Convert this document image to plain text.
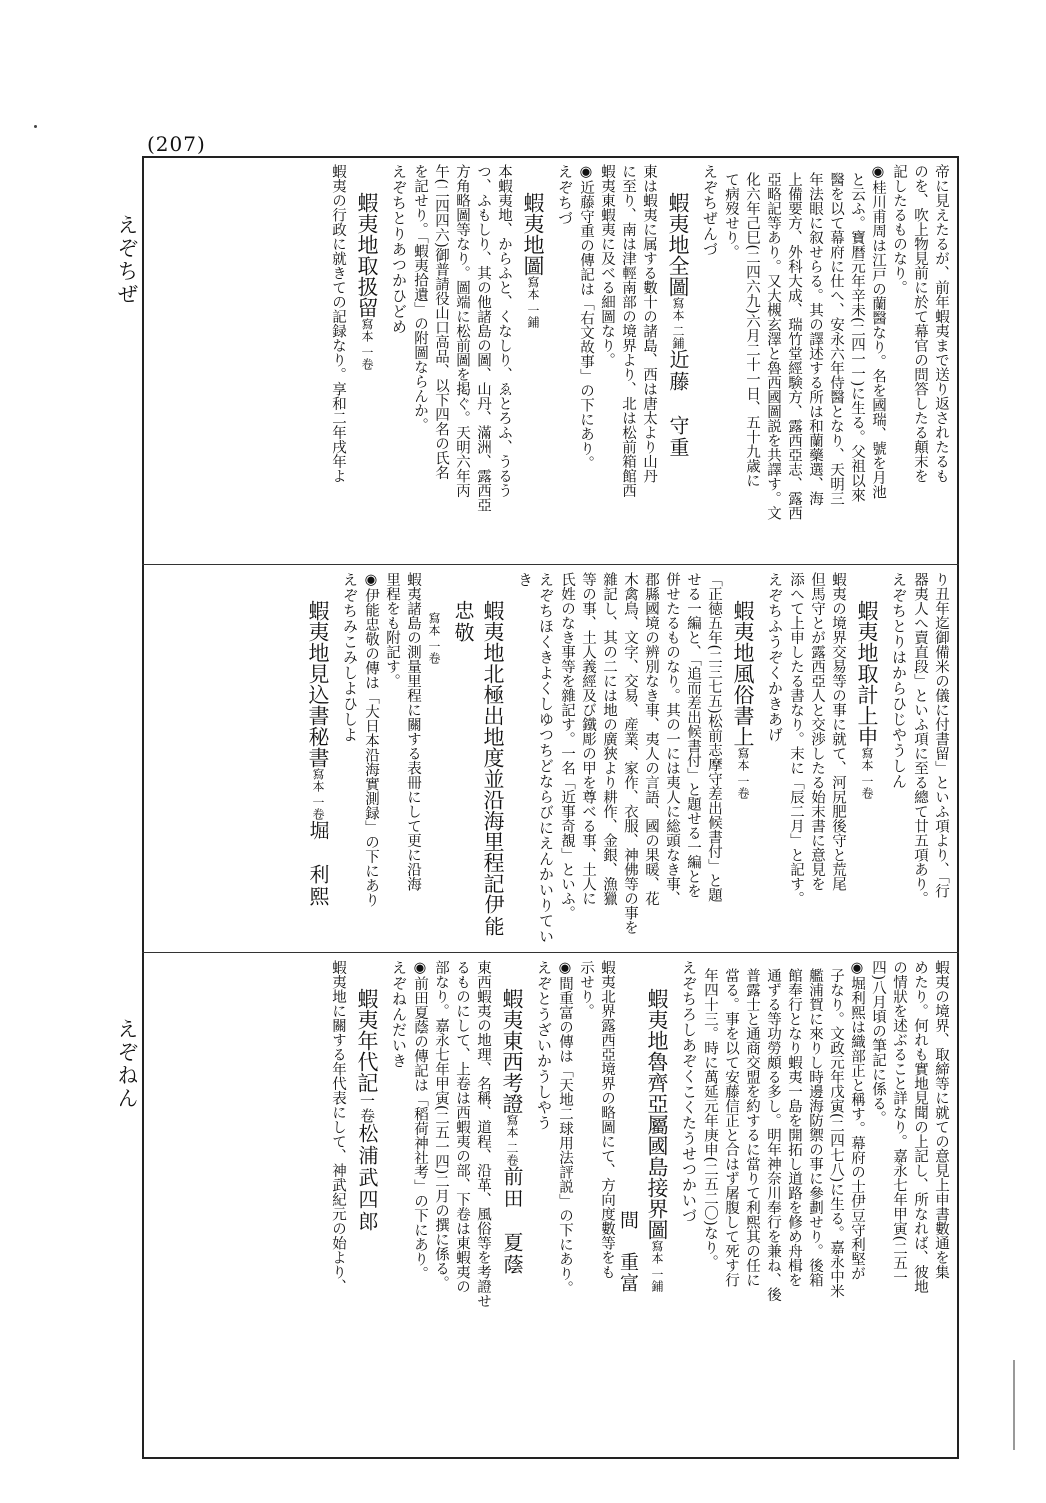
(207)
えぞちぜ
えぞねん

帝に見えたるが、前年蝦夷まで送り返されたるも

のを、吹上物見前に於て幕官の問答したる顛末を

記したるものなり。

◉桂川甫周は江戸の蘭醫なり。名を國瑞、號を月池

と云ふ。寶暦元年辛未(二四一一)に生る。父祖以來

醫を以て幕府に仕へ、安永六年侍醫となり、天明三

年法眼に叙せらる。其の譯述する所は和蘭藥選、海

上備要方、外科大成、瑞竹堂經験方、露西亞志、露西

亞略記等あり。又大槻玄澤と魯西國圖説を共譯す。文

化六年己巳(二四六九)六月二十一日、五十九歳に

て病歿せり。

えぞちぜんづ

蝦夷地全圖寫本 二鋪近藤　守重

東は蝦夷に属する數十の諸島、西は唐太より山丹

に至り、南は津輕南部の境界より、北は松前箱館西

蝦夷東蝦夷に及べる細圖なり。

◉近藤守重の傳記は「右文故事」の下にあり。

えぞちづ

蝦夷地圖寫本 一鋪

本蝦夷地、からふと、くなしり、ゑとろふ、うるう

つ、ふもしり、其の他諸島の圖、山丹、滿洲、露西亞

方角略圖等なり。圖端に松前圖を掲ぐ。天明六年丙

午(二四四六)御普請役山口高品、以下四名の氏名

を記せり。「蝦夷拾遺」の附圖ならんか。

えぞちとりあつかひどめ

蝦夷地取扱留寫本 一卷

蝦夷の行政に就きての記録なり。享和二年戌年よ

り丑年迄御備米の儀に付書留」といふ項より、「行

器夷人へ賣直段」といふ項に至る總て廿五項あり。

えぞちとりはからひじやうしん

蝦夷地取計上申寫本 一卷

蝦夷の境界交易等の事に就て、河尻肥後守と荒尾

但馬守とが露西亞人と交渉したる始末書に意見を

添へて上申したる書なり。末に「辰二月」と記す。

えぞちふうぞくかきあげ

蝦夷地風俗書上寫本 一卷

「正徳五年(二三七五)松前志摩守差出候書付」と題

せる一編と、「追而差出候書付」と題せる一編とを

併せたるものなり。其の一には夷人に総頭なき事、

郡縣國境の辨別なき事、夷人の言語、國の果暖、花

木禽鳥、文字、交易、産業、家作、衣服、神佛等の事を

雜記し、其の二には地の廣狹より耕作、金銀、漁獵

等の事、土人義經及び鐵彫の甲を尊べる事、土人に

氏姓のなき事等を雜記す。一名「近事奇覩」といふ。

えぞちほくきよくしゆつちどならびにえんかいりていき

蝦夷地北極出地度並沿海里程記伊能　忠敬

寫本 一卷

蝦夷諸島の測量里程に關する表冊にして更に沿海

里程をも附記す。

◉伊能忠敬の傳は「大日本沿海實測録」の下にあり

えぞちみこみしよひしよ

蝦夷地見込書秘書寫本 一卷堀　利熙

蝦夷の境界、取締等に就ての意見上申書數通を集

めたり。何れも實地見聞の上記し、所なれば、彼地

の情狀を述ぶること詳なり。嘉永七年甲寅(二五一

四)八月頃の筆記に係る。

◉堀利熙は織部正と稱す。幕府の士伊豆守利堅が

子なり。文政元年戊寅(二四七八)に生る。嘉永中米

艦浦賀に來りし時邊海防禦の事に參劃せり。後箱

館奉行となり蝦夷一島を開拓し道路を修め舟楫を

通ずる等功勞頗る多し。明年神奈川奉行を兼ね、後

普露士と通商交盟を約するに當りて利熙其の任に

當る。事を以て安藤信正と合はず屠腹して死す行

年四十三。時に萬延元年庚申(二五二〇)なり。

えぞちろしあぞくこくたうせつかいづ

蝦夷地魯齊亞屬國島接界圖寫本 一鋪

間　重富

蝦夷北界露西亞境界の略圖にて、方向度數等をも

示せり。

◉間重富の傳は「天地二球用法評説」の下にあり。

えぞとうざいかうしやう

蝦夷東西考證寫本 二卷前田　夏蔭

東西蝦夷の地理、名稱、道程、沿革、風俗等を考證せ

るものにして、上卷は西蝦夷の部、下卷は東蝦夷の

部なり。嘉永七年甲寅(二五一四)二月の撰に係る。

◉前田夏蔭の傳記は「稻荷神社考」の下にあり。

えぞねんだいき

蝦夷年代記一卷松浦武四郎

蝦夷地に關する年代表にして、神武紀元の始より、
